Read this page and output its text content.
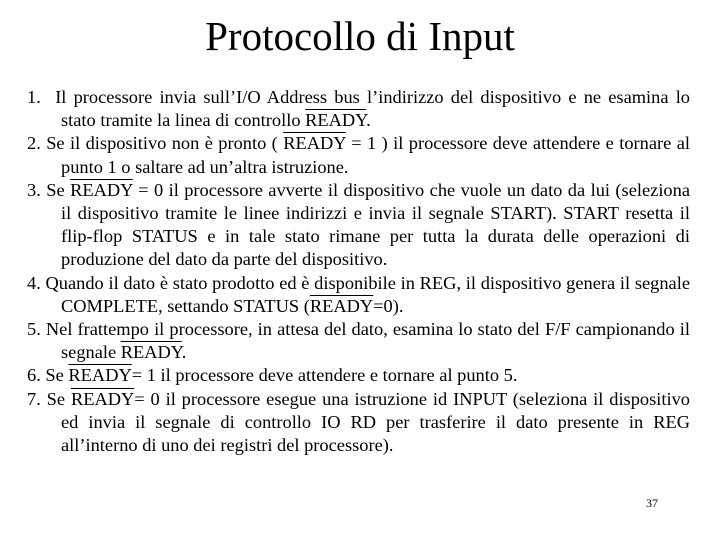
Protocollo di Input
1. Il processore invia sull’I/O Address bus l’indirizzo del dispositivo e ne esamina lo stato tramite la linea di controllo READY.
2. Se il dispositivo non è pronto ( READY = 1 ) il processore deve attendere e tornare al punto 1 o saltare ad un’altra istruzione.
3. Se READY = 0 il processore avverte il dispositivo che vuole un dato da lui (seleziona il dispositivo tramite le linee indirizzi e invia il segnale START). START resetta il flip-flop STATUS e in tale stato rimane per tutta la durata delle operazioni di produzione del dato da parte del dispositivo.
4. Quando il dato è stato prodotto ed è disponibile in REG, il dispositivo genera il segnale COMPLETE, settando STATUS (READY=0).
5. Nel frattempo il processore, in attesa del dato, esamina lo stato del F/F campionando il segnale READY.
6. Se READY= 1 il processore deve attendere e tornare al punto 5.
7. Se READY= 0 il processore esegue una istruzione id INPUT (seleziona il dispositivo ed invia il segnale di controllo IO RD per trasferire il dato presente in REG all’interno di uno dei registri del processore).
37
